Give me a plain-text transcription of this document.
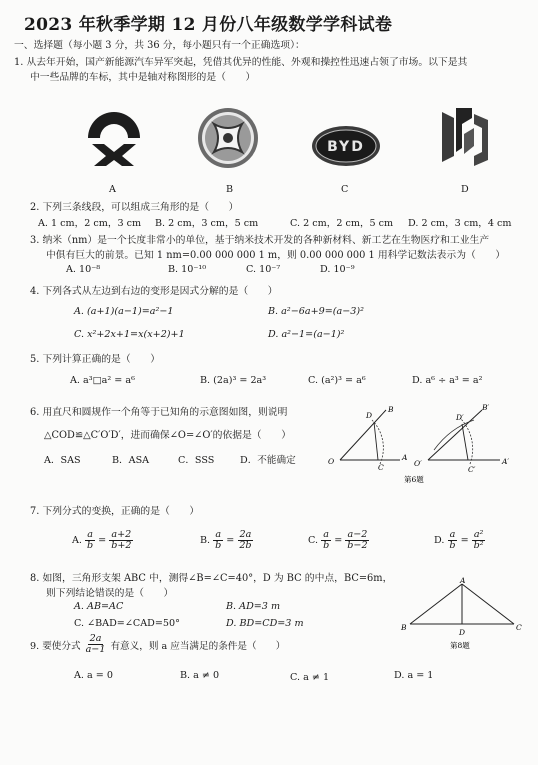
2023 年秋季学期 12 月份八年级数学学科试卷
一、选择题（每小题 3 分，共 36 分，每小题只有一个正确选项）：
1. 从去年开始，国产新能源汽车异军突起，凭借其优异的性能、外观和操控性迅速占领了市场。以下是其
中一些品牌的车标，其中是轴对称图形的是（　　）
BYD
A	B	C	D
2. 下列三条线段，可以组成三角形的是（　　）
A. 1 cm，2 cm，3 cm B. 2 cm，3 cm，5 cm	C. 2 cm，2 cm，5 cm D. 2 cm，3 cm，4 cm
3. 纳米（nm）是一个长度非常小的单位，基于纳米技术开发的各种新材料、新工艺在生物医疗和工业生产
中俱有巨大的前景。已知 1 nm=0.00 000 000 1 m，则 0.00 000 000 1 用科学记数法表示为（　　）
A. 10⁻⁸	B. 10⁻¹⁰	C. 10⁻⁷	D. 10⁻⁹
4. 下列各式从左边到右边的变形是因式分解的是（　　）
A. (a+1)(a−1)=a²−1	B. a²−6a+9=(a−3)²
C. x²+2x+1=x(x+2)+1	D. a²−1=(a−1)²
5. 下列计算正确的是（　　）
A. a³□a² = a⁶	B. (2a)³ = 2a³	C. (a²)³ = a⁶	D. a⁶ ÷ a³ = a²
6. 用直尺和圆规作一个角等于已知角的示意图如图，则说明
△COD≌△C′O′D′，进而确保∠O=∠O′的依据是（　　）
A．SAS	B．ASA	C．SSS	D．不能确定
D
B
O
C
A
D′
B′
O′
C′
A′
第6题
7. 下列分式的变换，正确的是（　　）
A. $\frac{a}{b} = \frac{a+2}{b+2}$	B. $\frac{a}{b} = \frac{2a}{2b}$	C. $\frac{a}{b} = \frac{a-2}{b-2}$	D. $\frac{a}{b} = \frac{\text{a²}}{\text{b²}}$
8. 如图，三角形支架 ABC 中，测得∠B=∠C=40°，D 为 BC 的中点，BC=6m，
则下列结论错误的是（　　）
A. AB=AC	B. AD=3 m
C. ∠BAD=∠CAD=50°	D. BD=CD=3 m
A
B	C
D
第8题
9. 要使分式 $\frac{2a}{a-1}$ 有意义，则 a 应当满足的条件是（　　）
A. a = 0	B. a ≠ 0	C. a ≠ 1	D. a = 1
